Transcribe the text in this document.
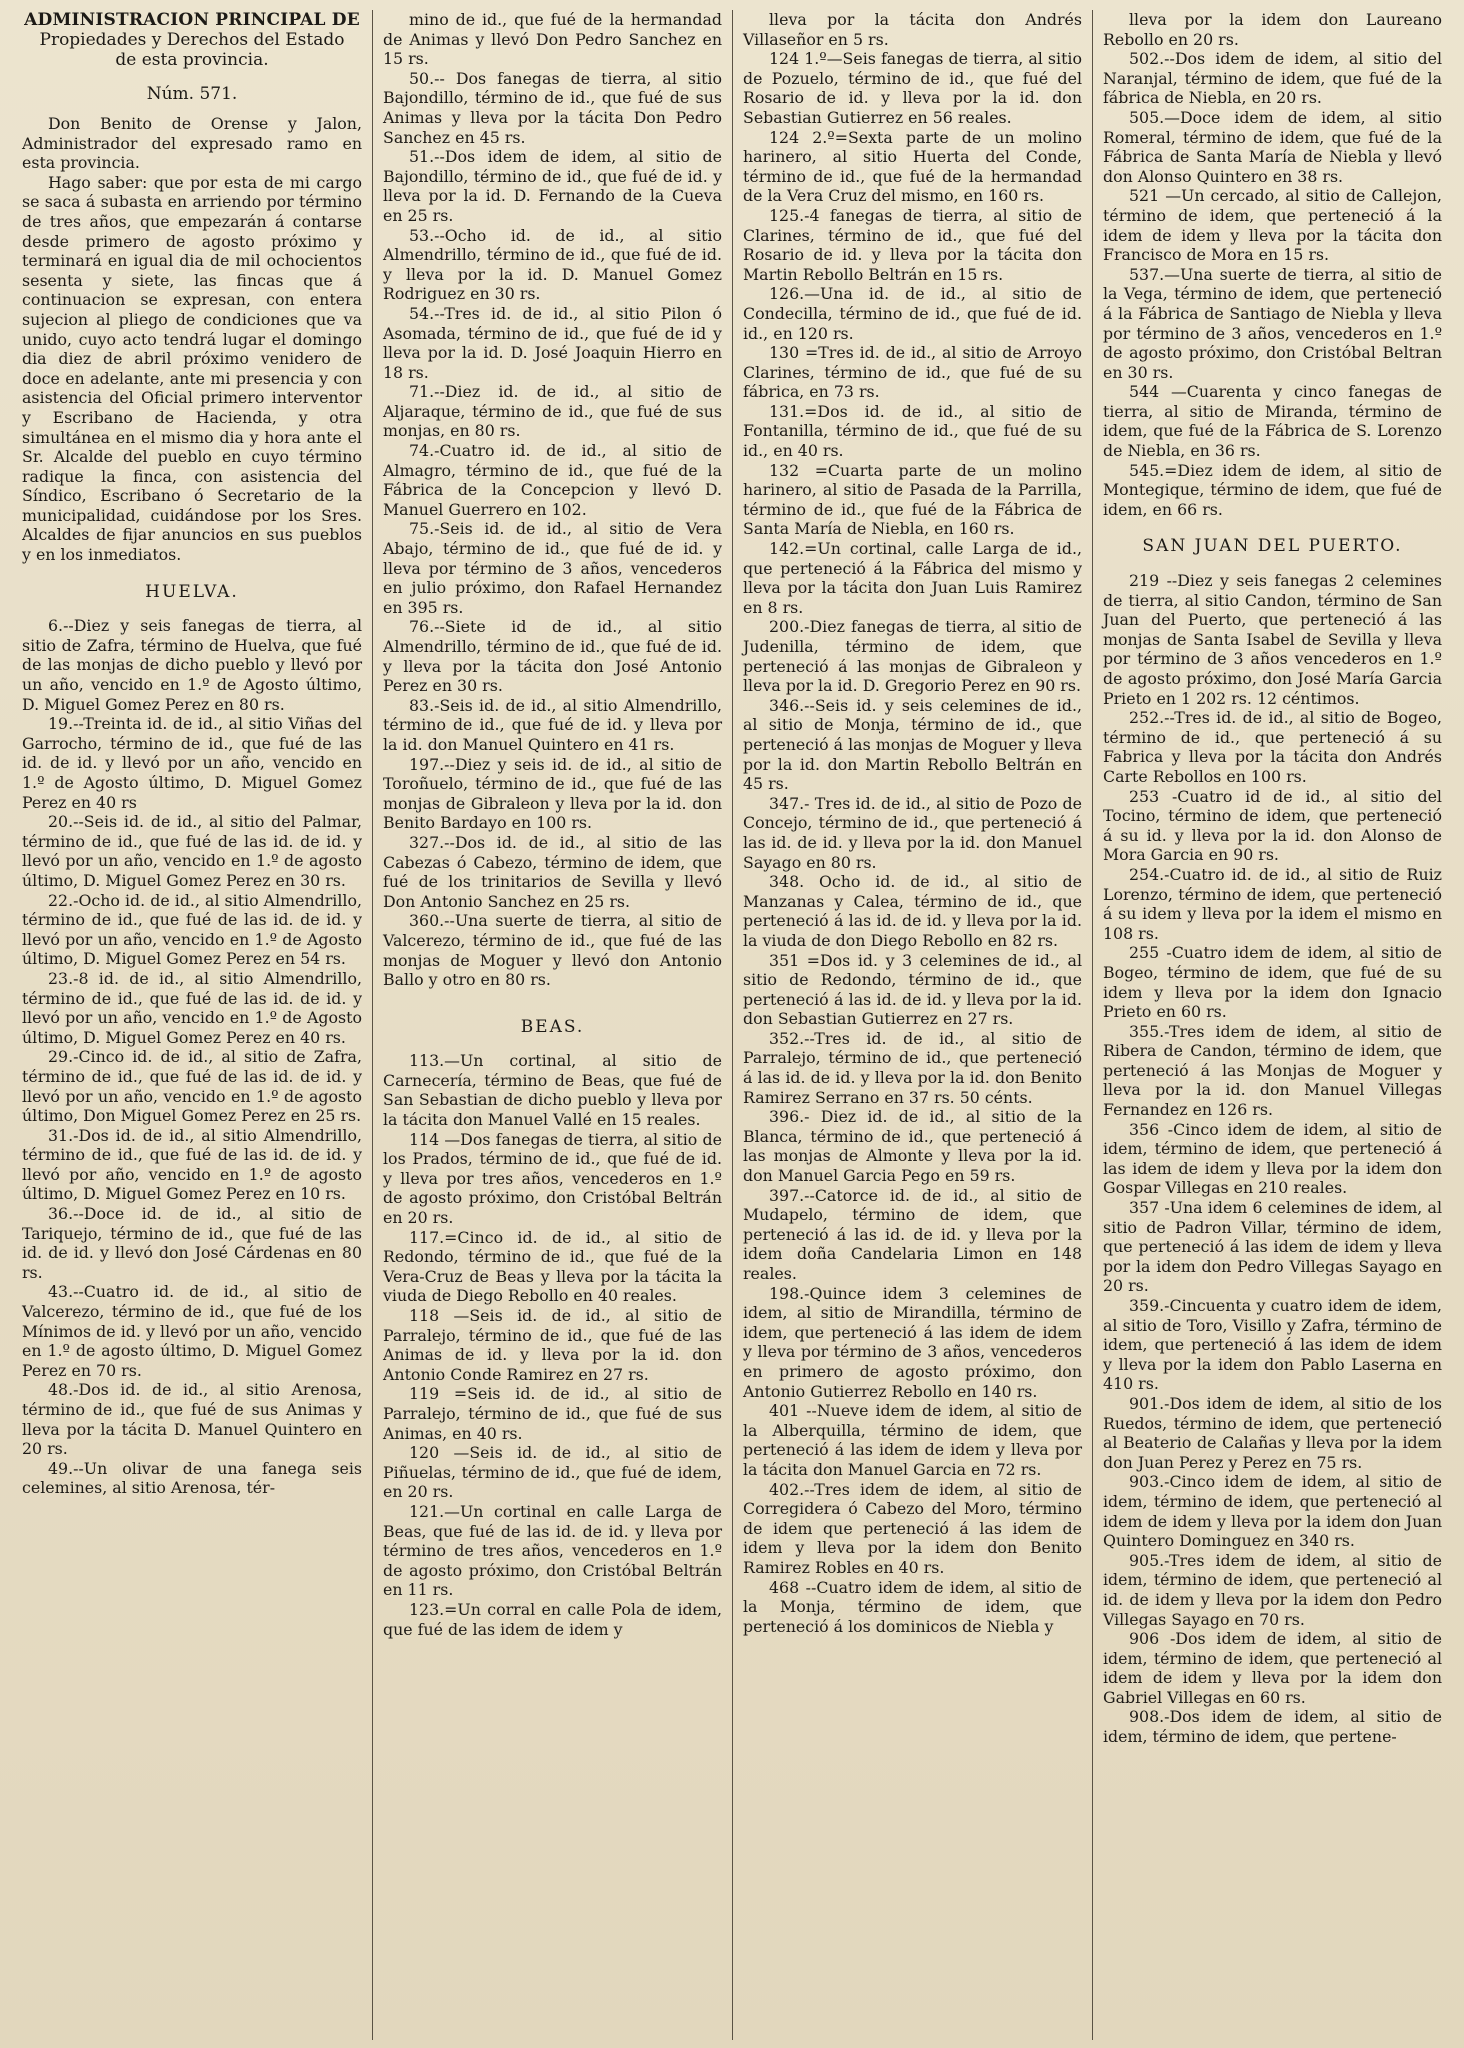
ADMINISTRACION PRINCIPAL DE
Propiedades y Derechos del Estado
de esta provincia.
Núm. 571.

Don Benito de Orense y Jalon, Administrador del expresado ramo en esta provincia.

Hago saber: que por esta de mi cargo se saca á subasta en arriendo por término de tres años, que empezarán á contarse desde primero de agosto próximo y terminará en igual dia de mil ochocientos sesenta y siete, las fincas que á continuacion se expresan, con entera sujecion al pliego de condiciones que va unido, cuyo acto tendrá lugar el domingo dia diez de abril próximo venidero de doce en adelante, ante mi presencia y con asistencia del Oficial primero interventor y Escribano de Hacienda, y otra simultánea en el mismo dia y hora ante el Sr. Alcalde del pueblo en cuyo término radique la finca, con asistencia del Síndico, Escribano ó Secretario de la municipalidad, cuidándose por los Sres. Alcaldes de fijar anuncios en sus pueblos y en los inmediatos.

HUELVA.

6.--Diez y seis fanegas de tierra, al sitio de Zafra, término de Huelva, que fué de las monjas de dicho pueblo y llevó por un año, vencido en 1.º de Agosto último, D. Miguel Gomez Perez en 80 rs.

19.--Treinta id. de id., al sitio Viñas del Garrocho, término de id., que fué de las id. de id. y llevó por un año, vencido en 1.º de Agosto último, D. Miguel Gomez Perez en 40 rs

20.--Seis id. de id., al sitio del Palmar, término de id., que fué de las id. de id. y llevó por un año, vencido en 1.º de agosto último, D. Miguel Gomez Perez en 30 rs.

22.-Ocho id. de id., al sitio Almendrillo, término de id., que fué de las id. de id. y llevó por un año, vencido en 1.º de Agosto último, D. Miguel Gomez Perez en 54 rs.

23.-8 id. de id., al sitio Almendrillo, término de id., que fué de las id. de id. y llevó por un año, vencido en 1.º de Agosto último, D. Miguel Gomez Perez en 40 rs.

29.-Cinco id. de id., al sitio de Zafra, término de id., que fué de las id. de id. y llevó por un año, vencido en 1.º de agosto último, Don Miguel Gomez Perez en 25 rs.

31.-Dos id. de id., al sitio Almendrillo, término de id., que fué de las id. de id. y llevó por año, vencido en 1.º de agosto último, D. Miguel Gomez Perez en 10 rs.

36.--Doce id. de id., al sitio de Tariquejo, término de id., que fué de las id. de id. y llevó don José Cárdenas en 80 rs.

43.--Cuatro id. de id., al sitio de Valcerezo, término de id., que fué de los Mínimos de id. y llevó por un año, vencido en 1.º de agosto último, D. Miguel Gomez Perez en 70 rs.

48.-Dos id. de id., al sitio Arenosa, término de id., que fué de sus Animas y lleva por la tácita D. Manuel Quintero en 20 rs.

49.--Un olivar de una fanega seis celemines, al sitio Arenosa, tér-

mino de id., que fué de la hermandad de Animas y llevó Don Pedro Sanchez en 15 rs.

50.-- Dos fanegas de tierra, al sitio Bajondillo, término de id., que fué de sus Animas y lleva por la tácita Don Pedro Sanchez en 45 rs.

51.--Dos idem de idem, al sitio de Bajondillo, término de id., que fué de id. y lleva por la id. D. Fernando de la Cueva en 25 rs.

53.--Ocho id. de id., al sitio Almendrillo, término de id., que fué de id. y lleva por la id. D. Manuel Gomez Rodriguez en 30 rs.

54.--Tres id. de id., al sitio Pilon ó Asomada, término de id., que fué de id y lleva por la id. D. José Joaquin Hierro en 18 rs.

71.--Diez id. de id., al sitio de Aljaraque, término de id., que fué de sus monjas, en 80 rs.

74.-Cuatro id. de id., al sitio de Almagro, término de id., que fué de la Fábrica de la Concepcion y llevó D. Manuel Guerrero en 102.

75.-Seis id. de id., al sitio de Vera Abajo, término de id., que fué de id. y lleva por término de 3 años, vencederos en julio próximo, don Rafael Hernandez en 395 rs.

76.--Siete id de id., al sitio Almendrillo, término de id., que fué de id. y lleva por la tácita don José Antonio Perez en 30 rs.

83.-Seis id. de id., al sitio Almendrillo, término de id., que fué de id. y lleva por la id. don Manuel Quintero en 41 rs.

197.--Diez y seis id. de id., al sitio de Toroñuelo, término de id., que fué de las monjas de Gibraleon y lleva por la id. don Benito Bardayo en 100 rs.

327.--Dos id. de id., al sitio de las Cabezas ó Cabezo, término de idem, que fué de los trinitarios de Sevilla y llevó Don Antonio Sanchez en 25 rs.

360.--Una suerte de tierra, al sitio de Valcerezo, término de id., que fué de las monjas de Moguer y llevó don Antonio Ballo y otro en 80 rs.

BEAS.

113.—Un cortinal, al sitio de Carnecería, término de Beas, que fué de San Sebastian de dicho pueblo y lleva por la tácita don Manuel Vallé en 15 reales.

114 —Dos fanegas de tierra, al sitio de los Prados, término de id., que fué de id. y lleva por tres años, vencederos en 1.º de agosto próximo, don Cristóbal Beltrán en 20 rs.

117.=Cinco id. de id., al sitio de Redondo, término de id., que fué de la Vera-Cruz de Beas y lleva por la tácita la viuda de Diego Rebollo en 40 reales.

118 —Seis id. de id., al sitio de Parralejo, término de id., que fué de las Animas de id. y lleva por la id. don Antonio Conde Ramirez en 27 rs.

119 =Seis id. de id., al sitio de Parralejo, término de id., que fué de sus Animas, en 40 rs.

120 —Seis id. de id., al sitio de Piñuelas, término de id., que fué de idem, en 20 rs.

121.—Un cortinal en calle Larga de Beas, que fué de las id. de id. y lleva por término de tres años, vencederos en 1.º de agosto próximo, don Cristóbal Beltrán en 11 rs.

123.=Un corral en calle Pola de idem, que fué de las idem de idem y

lleva por la tácita don Andrés Villaseñor en 5 rs.

124 1.º—Seis fanegas de tierra, al sitio de Pozuelo, término de id., que fué del Rosario de id. y lleva por la id. don Sebastian Gutierrez en 56 reales.

124 2.º=Sexta parte de un molino harinero, al sitio Huerta del Conde, término de id., que fué de la hermandad de la Vera Cruz del mismo, en 160 rs.

125.-4 fanegas de tierra, al sitio de Clarines, término de id., que fué del Rosario de id. y lleva por la tácita don Martin Rebollo Beltrán en 15 rs.

126.—Una id. de id., al sitio de Condecilla, término de id., que fué de id. id., en 120 rs.

130 =Tres id. de id., al sitio de Arroyo Clarines, término de id., que fué de su fábrica, en 73 rs.

131.=Dos id. de id., al sitio de Fontanilla, término de id., que fué de su id., en 40 rs.

132 =Cuarta parte de un molino harinero, al sitio de Pasada de la Parrilla, término de id., que fué de la Fábrica de Santa María de Niebla, en 160 rs.

142.=Un cortinal, calle Larga de id., que perteneció á la Fábrica del mismo y lleva por la tácita don Juan Luis Ramirez en 8 rs.

200.-Diez fanegas de tierra, al sitio de Judenilla, término de idem, que perteneció á las monjas de Gibraleon y lleva por la id. D. Gregorio Perez en 90 rs.

346.--Seis id. y seis celemines de id., al sitio de Monja, término de id., que perteneció á las monjas de Moguer y lleva por la id. don Martin Rebollo Beltrán en 45 rs.

347.- Tres id. de id., al sitio de Pozo de Concejo, término de id., que perteneció á las id. de id. y lleva por la id. don Manuel Sayago en 80 rs.

348. Ocho id. de id., al sitio de Manzanas y Calea, término de id., que perteneció á las id. de id. y lleva por la id. la viuda de don Diego Rebollo en 82 rs.

351 =Dos id. y 3 celemines de id., al sitio de Redondo, término de id., que perteneció á las id. de id. y lleva por la id. don Sebastian Gutierrez en 27 rs.

352.--Tres id. de id., al sitio de Parralejo, término de id., que perteneció á las id. de id. y lleva por la id. don Benito Ramirez Serrano en 37 rs. 50 cénts.

396.- Diez id. de id., al sitio de la Blanca, término de id., que perteneció á las monjas de Almonte y lleva por la id. don Manuel Garcia Pego en 59 rs.

397.--Catorce id. de id., al sitio de Mudapelo, término de idem, que perteneció á las id. de id. y lleva por la idem doña Candelaria Limon en 148 reales.

198.-Quince idem 3 celemines de idem, al sitio de Mirandilla, término de idem, que perteneció á las idem de idem y lleva por término de 3 años, vencederos en primero de agosto próximo, don Antonio Gutierrez Rebollo en 140 rs.

401 --Nueve idem de idem, al sitio de la Alberquilla, término de idem, que perteneció á las idem de idem y lleva por la tácita don Manuel Garcia en 72 rs.

402.--Tres idem de idem, al sitio de Corregidera ó Cabezo del Moro, término de idem que perteneció á las idem de idem y lleva por la idem don Benito Ramirez Robles en 40 rs.

468 --Cuatro idem de idem, al sitio de la Monja, término de idem, que perteneció á los dominicos de Niebla y

lleva por la idem don Laureano Rebollo en 20 rs.

502.--Dos idem de idem, al sitio del Naranjal, término de idem, que fué de la fábrica de Niebla, en 20 rs.

505.—Doce idem de idem, al sitio Romeral, término de idem, que fué de la Fábrica de Santa María de Niebla y llevó don Alonso Quintero en 38 rs.

521 —Un cercado, al sitio de Callejon, término de idem, que perteneció á la idem de idem y lleva por la tácita don Francisco de Mora en 15 rs.

537.—Una suerte de tierra, al sitio de la Vega, término de idem, que perteneció á la Fábrica de Santiago de Niebla y lleva por término de 3 años, vencederos en 1.º de agosto próximo, don Cristóbal Beltran en 30 rs.

544 —Cuarenta y cinco fanegas de tierra, al sitio de Miranda, término de idem, que fué de la Fábrica de S. Lorenzo de Niebla, en 36 rs.

545.=Diez idem de idem, al sitio de Montegique, término de idem, que fué de idem, en 66 rs.

SAN JUAN DEL PUERTO.

219 --Diez y seis fanegas 2 celemines de tierra, al sitio Candon, término de San Juan del Puerto, que perteneció á las monjas de Santa Isabel de Sevilla y lleva por término de 3 años vencederos en 1.º de agosto próximo, don José María Garcia Prieto en 1 202 rs. 12 céntimos.

252.--Tres id. de id., al sitio de Bogeo, término de id., que perteneció á su Fabrica y lleva por la tácita don Andrés Carte Rebollos en 100 rs.

253 -Cuatro id de id., al sitio del Tocino, término de idem, que perteneció á su id. y lleva por la id. don Alonso de Mora Garcia en 90 rs.

254.-Cuatro id. de id., al sitio de Ruiz Lorenzo, término de idem, que perteneció á su idem y lleva por la idem el mismo en 108 rs.

255 -Cuatro idem de idem, al sitio de Bogeo, término de idem, que fué de su idem y lleva por la idem don Ignacio Prieto en 60 rs.

355.-Tres idem de idem, al sitio de Ribera de Candon, término de idem, que perteneció á las Monjas de Moguer y lleva por la id. don Manuel Villegas Fernandez en 126 rs.

356 -Cinco idem de idem, al sitio de idem, término de idem, que perteneció á las idem de idem y lleva por la idem don Gospar Villegas en 210 reales.

357 -Una idem 6 celemines de idem, al sitio de Padron Villar, término de idem, que perteneció á las idem de idem y lleva por la idem don Pedro Villegas Sayago en 20 rs.

359.-Cincuenta y cuatro idem de idem, al sitio de Toro, Visillo y Zafra, término de idem, que perteneció á las idem de idem y lleva por la idem don Pablo Laserna en 410 rs.

901.-Dos idem de idem, al sitio de los Ruedos, término de idem, que perteneció al Beaterio de Calañas y lleva por la idem don Juan Perez y Perez en 75 rs.

903.-Cinco idem de idem, al sitio de idem, término de idem, que perteneció al idem de idem y lleva por la idem don Juan Quintero Dominguez en 340 rs.

905.-Tres idem de idem, al sitio de idem, término de idem, que perteneció al id. de idem y lleva por la idem don Pedro Villegas Sayago en 70 rs.

906 -Dos idem de idem, al sitio de idem, término de idem, que perteneció al idem de idem y lleva por la idem don Gabriel Villegas en 60 rs.

908.-Dos idem de idem, al sitio de idem, término de idem, que pertene-
